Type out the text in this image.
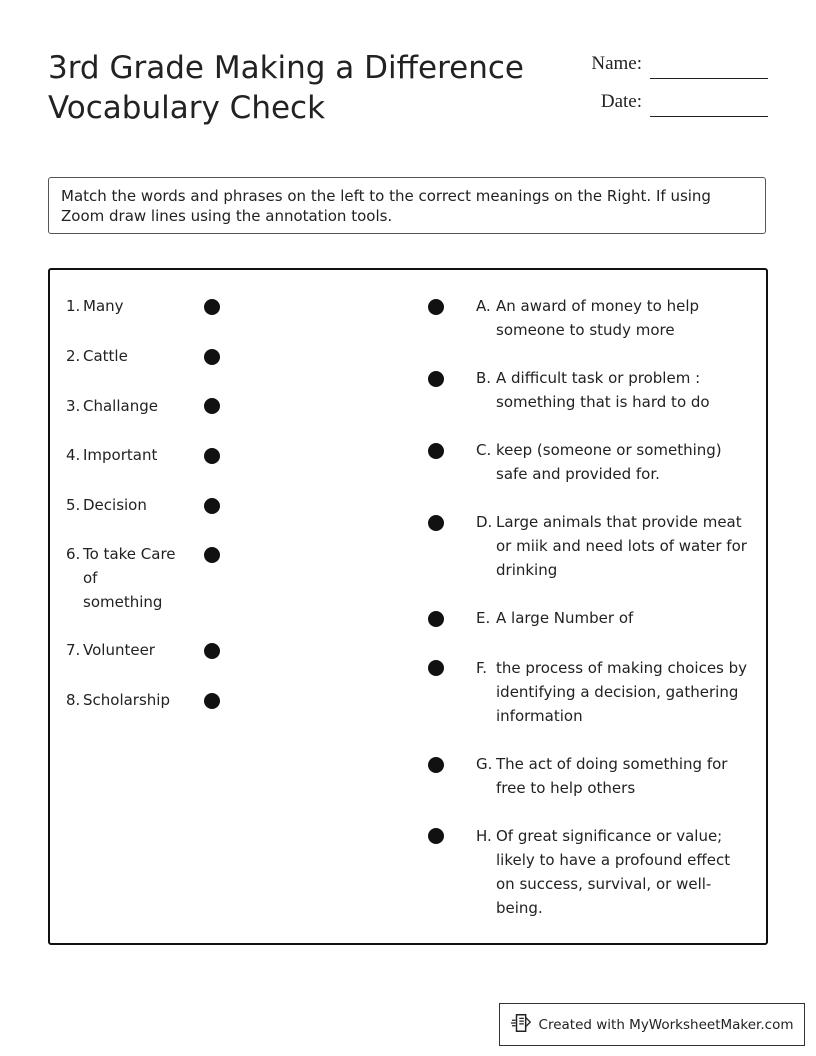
3rd Grade Making a Difference
Vocabulary Check
Name:
Date:
Match the words and phrases on the left to the correct meanings on the Right. If using Zoom draw lines using the annotation tools.
1. Many
2. Cattle
3. Challange
4. Important
5. Decision
6. To take Care of something
7. Volunteer
8. Scholarship
A. An award of money to help someone to study more
B. A difficult task or problem : something that is hard to do
C. keep (someone or something) safe and provided for.
D. Large animals that provide meat or miik and need lots of water for drinking
E. A large Number of
F. the process of making choices by identifying a decision, gathering information
G. The act of doing something for free to help others
H. Of great significance or value; likely to have a profound effect on success, survival, or well-being.
Created with MyWorksheetMaker.com
